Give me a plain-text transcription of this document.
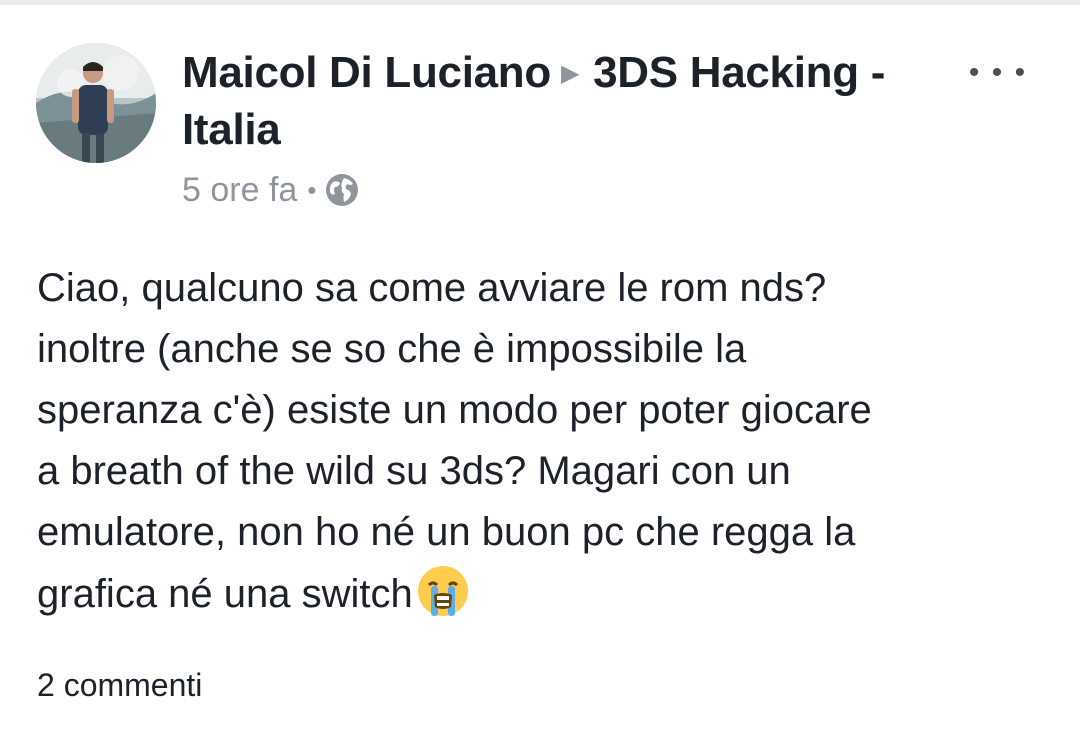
Maicol Di Luciano ▶ 3DS Hacking - Italia
• • •
5 ore fa •
Ciao, qualcuno sa come avviare le rom nds?
inoltre (anche se so che è impossibile la
speranza c'è) esiste un modo per poter giocare
a breath of the wild su 3ds? Magari con un
emulatore, non ho né un buon pc che regga la
grafica né una switch
2 commenti
